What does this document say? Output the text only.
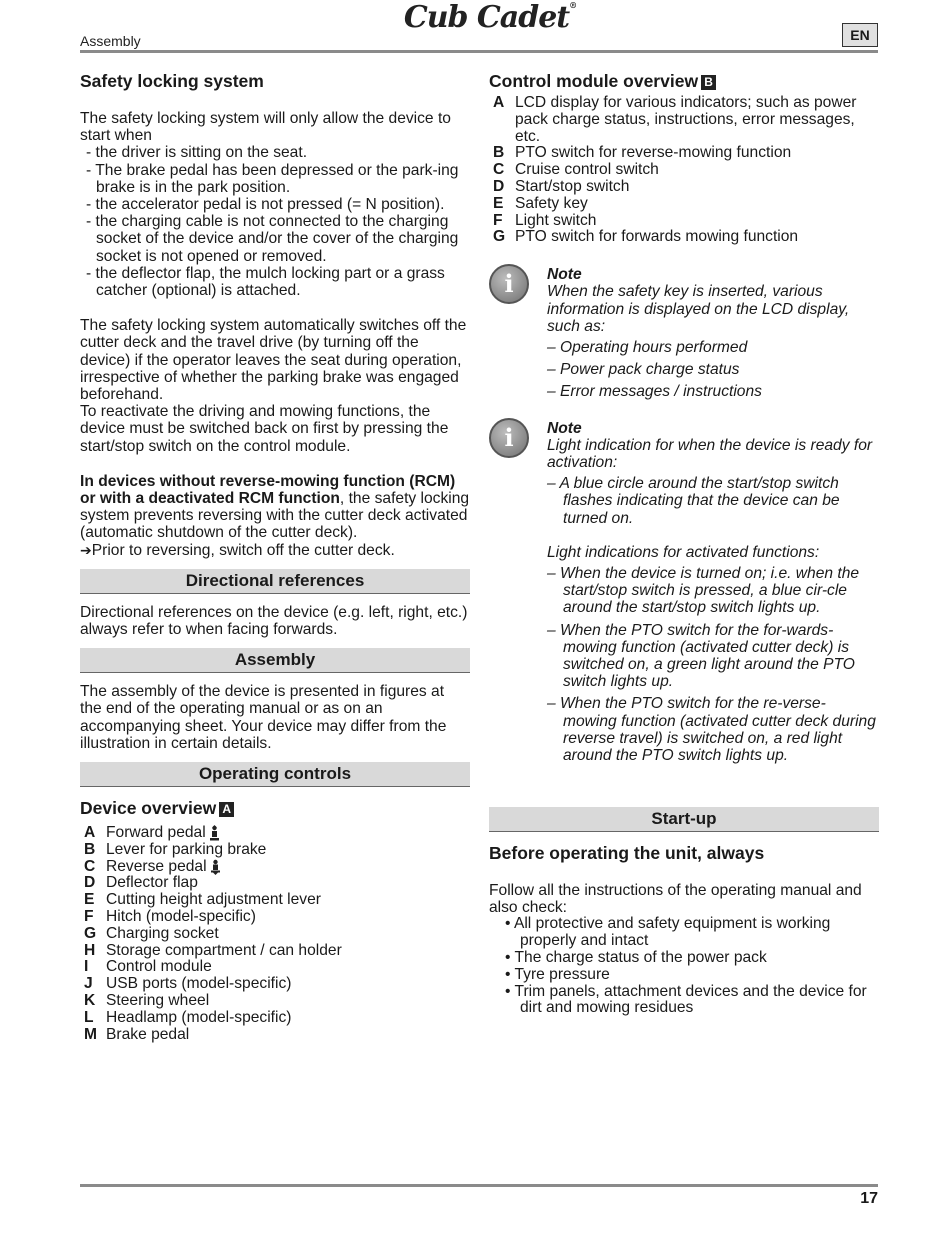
Cub Cadet®
Assembly	EN
Safety locking system

The safety locking system will only allow the device to start when

- the driver is sitting on the seat.
- The brake pedal has been depressed or the park-ing brake is in the park position.
- the accelerator pedal is not pressed (= N position).
- the charging cable is not connected to the charging socket of the device and/or the cover of the charging socket is not opened or removed.
- the deflector flap, the mulch locking part or a grass catcher (optional) is attached.

The safety locking system automatically switches off the cutter deck and the travel drive (by turning off the device) if the operator leaves the seat during operation, irrespective of whether the parking brake was engaged beforehand.

To reactivate the driving and mowing functions, the device must be switched back on first by pressing the start/stop switch on the control module.

In devices without reverse-mowing function (RCM) or with a deactivated RCM function, the safety locking system prevents reversing with the cutter deck activated (automatic shutdown of the cutter deck).

➔Prior to reversing, switch off the cutter deck.

Directional references

Directional references on the device (e.g. left, right, etc.) always refer to when facing forwards.

Assembly

The assembly of the device is presented in figures at the end of the operating manual or as on an accompanying sheet. Your device may differ from the illustration in certain details.

Operating controls
Device overview A
A Forward pedal
B Lever for parking brake
C Reverse pedal
D Deflector flap
E Cutting height adjustment lever
F Hitch (model-specific)
G Charging socket
H Storage compartment / can holder
I	Control module
J USB ports (model-specific)
K Steering wheel
L Headlamp (model-specific)
M Brake pedal
Control module overview B
A LCD display for various indicators; such as power pack charge status, instructions, error messages, etc.
B PTO switch for reverse-mowing function
C Cruise control switch
D Start/stop switch
E Safety key
F Light switch
G PTO switch for forwards mowing function
i	Note
When the safety key is inserted, various information is displayed on the LCD display, such as:
– Operating hours performed
– Power pack charge status
– Error messages / instructions
i	Note
Light indication for when the device is ready for activation:
– A blue circle around the start/stop switch flashes indicating that the device can be turned on.
Light indications for activated functions:
– When the device is turned on; i.e. when the start/stop switch is pressed, a blue cir-cle around the start/stop switch lights up.
– When the PTO switch for the for-wards-mowing function (activated cutter deck) is switched on, a green light around the PTO switch lights up.
– When the PTO switch for the re-verse-mowing function (activated cutter deck during reverse travel) is switched on, a red light around the PTO switch lights up.
Start-up
Before operating the unit, always

Follow all the instructions of the operating manual and also check:

• All protective and safety equipment is working properly and intact
• The charge status of the power pack
• Tyre pressure
• Trim panels, attachment devices and the device for dirt and mowing residues
17
